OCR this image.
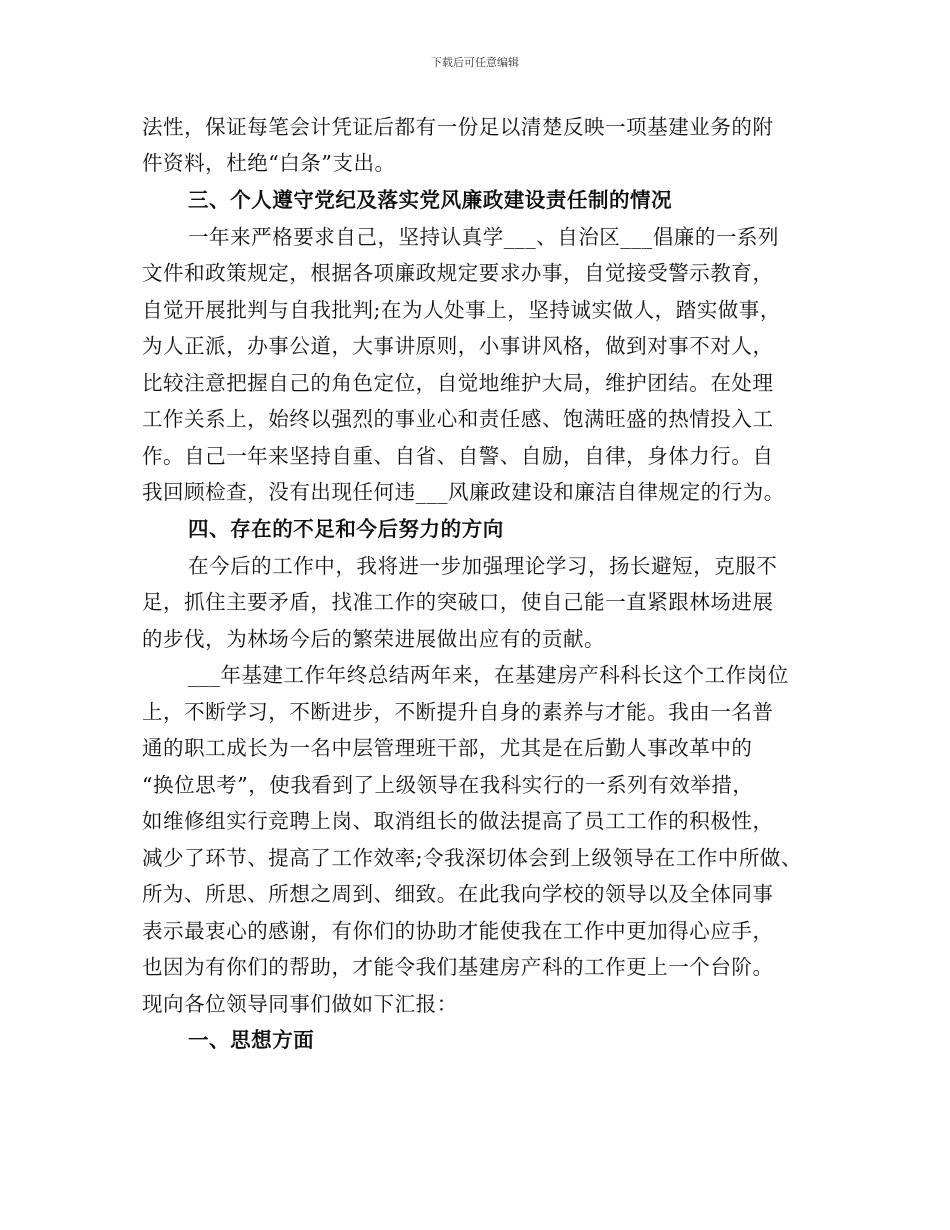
下载后可任意编辑
法性，保证每笔会计凭证后都有一份足以清楚反映一项基建业务的附
件资料，杜绝“白条”支出。
三、个人遵守党纪及落实党风廉政建设责任制的情况
一年来严格要求自己，坚持认真学___、自治区___倡廉的一系列
文件和政策规定，根据各项廉政规定要求办事，自觉接受警示教育，
自觉开展批判与自我批判;在为人处事上，坚持诚实做人，踏实做事，
为人正派，办事公道，大事讲原则，小事讲风格，做到对事不对人，
比较注意把握自己的角色定位，自觉地维护大局，维护团结。在处理
工作关系上，始终以强烈的事业心和责任感、饱满旺盛的热情投入工
作。自己一年来坚持自重、自省、自警、自励，自律，身体力行。自
我回顾检查，没有出现任何违___风廉政建设和廉洁自律规定的行为。
四、存在的不足和今后努力的方向
在今后的工作中，我将进一步加强理论学习，扬长避短，克服不
足，抓住主要矛盾，找准工作的突破口，使自己能一直紧跟林场进展
的步伐，为林场今后的繁荣进展做出应有的贡献。
___年基建工作年终总结两年来，在基建房产科科长这个工作岗位
上，不断学习，不断进步，不断提升自身的素养与才能。我由一名普
通的职工成长为一名中层管理班干部，尤其是在后勤人事改革中的
“换位思考”，使我看到了上级领导在我科实行的一系列有效举措，
如维修组实行竞聘上岗、取消组长的做法提高了员工工作的积极性，
减少了环节、提高了工作效率;令我深切体会到上级领导在工作中所做、
所为、所思、所想之周到、细致。在此我向学校的领导以及全体同事
表示最衷心的感谢，有你们的协助才能使我在工作中更加得心应手，
也因为有你们的帮助，才能令我们基建房产科的工作更上一个台阶。
现向各位领导同事们做如下汇报：
一、思想方面
